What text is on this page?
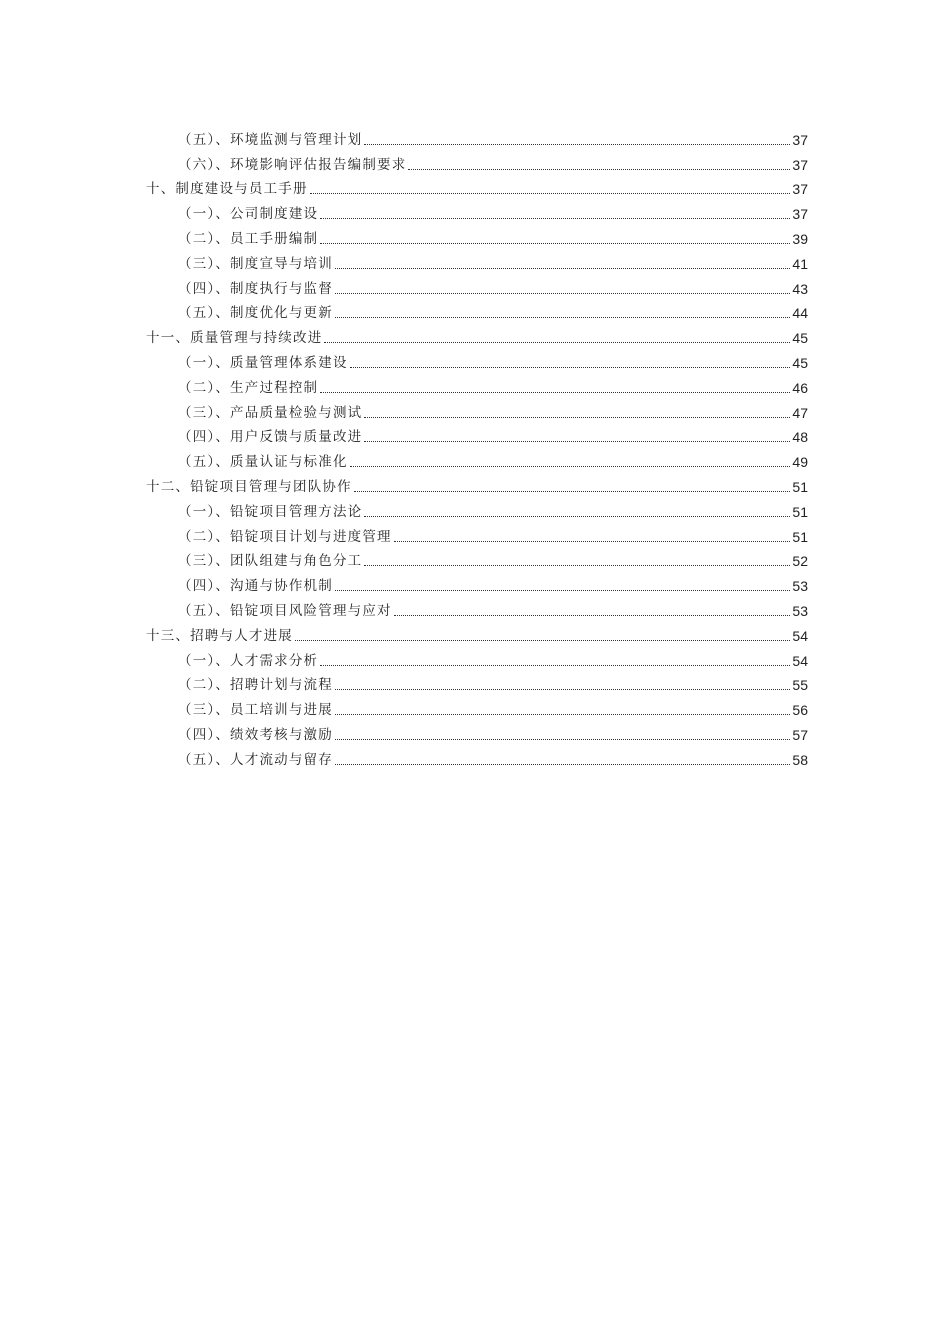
（五）、环境监测与管理计划	37
（六）、环境影响评估报告编制要求	37
十、制度建设与员工手册	37
（一）、公司制度建设	37
（二）、员工手册编制	39
（三）、制度宣导与培训	41
（四）、制度执行与监督	43
（五）、制度优化与更新	44
十一、质量管理与持续改进	45
（一）、质量管理体系建设	45
（二）、生产过程控制	46
（三）、产品质量检验与测试	47
（四）、用户反馈与质量改进	48
（五）、质量认证与标准化	49
十二、铅锭项目管理与团队协作	51
（一）、铅锭项目管理方法论	51
（二）、铅锭项目计划与进度管理	51
（三）、团队组建与角色分工	52
（四）、沟通与协作机制	53
（五）、铅锭项目风险管理与应对	53
十三、招聘与人才进展	54
（一）、人才需求分析	54
（二）、招聘计划与流程	55
（三）、员工培训与进展	56
（四）、绩效考核与激励	57
（五）、人才流动与留存	58
